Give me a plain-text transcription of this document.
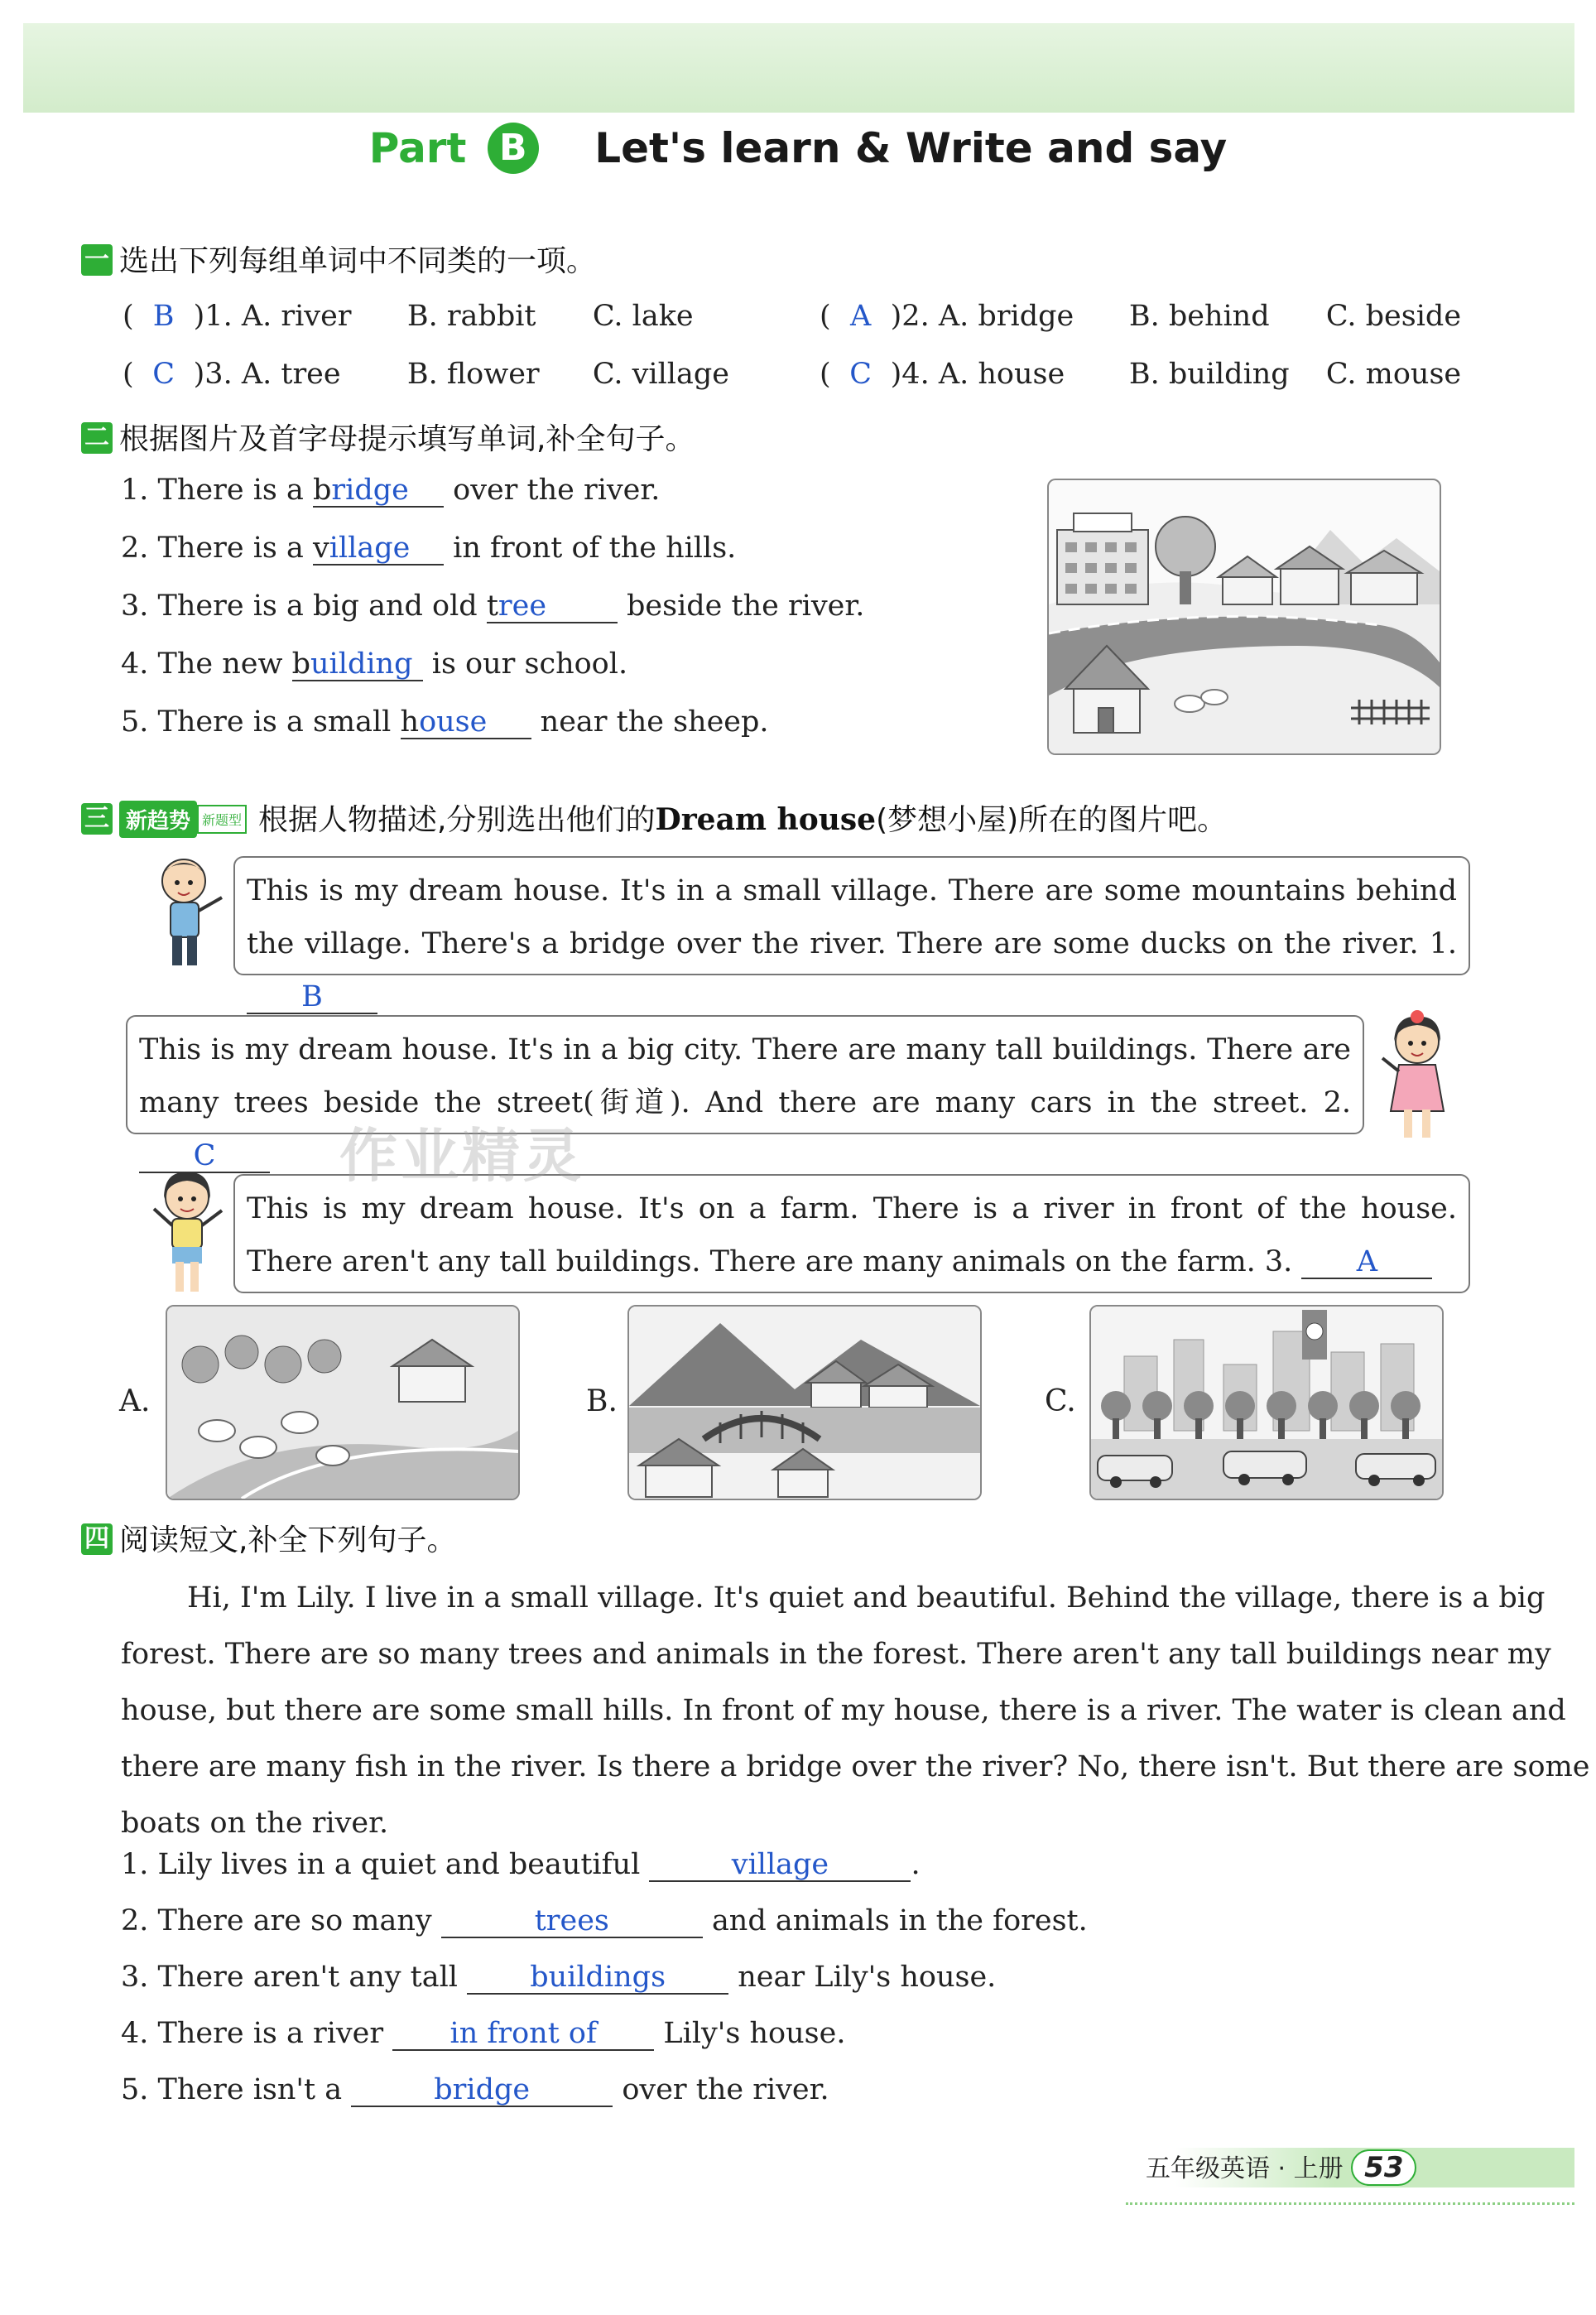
Part B Let's learn & Write and say
一 选出下列每组单词中不同类的一项。
( B )1. A. river B. rabbit C. lake	( A )2. A. bridge B. behind C. beside
( C )3. A. tree B. flower C. village	( C )4. A. house B. building C. mouse
二 根据图片及首字母提示填写单词,补全句子。
1. There is a bridge over the river.
2. There is a village in front of the hills.
3. There is a big and old tree	beside the river.
4. The new building is our school.
5. There is a small house near the sheep.
三 新趋势 新题型 根据人物描述,分别选出他们的Dream house(梦想小屋)所在的图片吧。
This is my dream house. It's in a small village. There are some mountains behind the village. There's a bridge over the river. There are some ducks on the river. 1. B
This is my dream house. It's in a big city. There are many tall buildings. There are many trees beside the street(街道). And there are many cars in the street. 2. C
This is my dream house. It's on a farm. There is a river in front of the house. There aren't any tall buildings. There are many animals on the farm. 3. A
作业精灵
A.	B.	C.
四 阅读短文,补全下列句子。
Hi, I'm Lily. I live in a small village. It's quiet and beautiful. Behind the village, there is a big
forest. There are so many trees and animals in the forest. There aren't any tall buildings near my
house, but there are some small hills. In front of my house, there is a river. The water is clean and
there are many fish in the river. Is there a bridge over the river? No, there isn't. But there are some
boats on the river.
1. Lily lives in a quiet and beautiful	village	.
2. There are so many	trees	and animals in the forest.
3. There aren't any tall buildings near Lily's house.
4. There is a river in front of Lily's house.
5. There isn't a	bridge	over the river.
五年级英语 · 上册 53
